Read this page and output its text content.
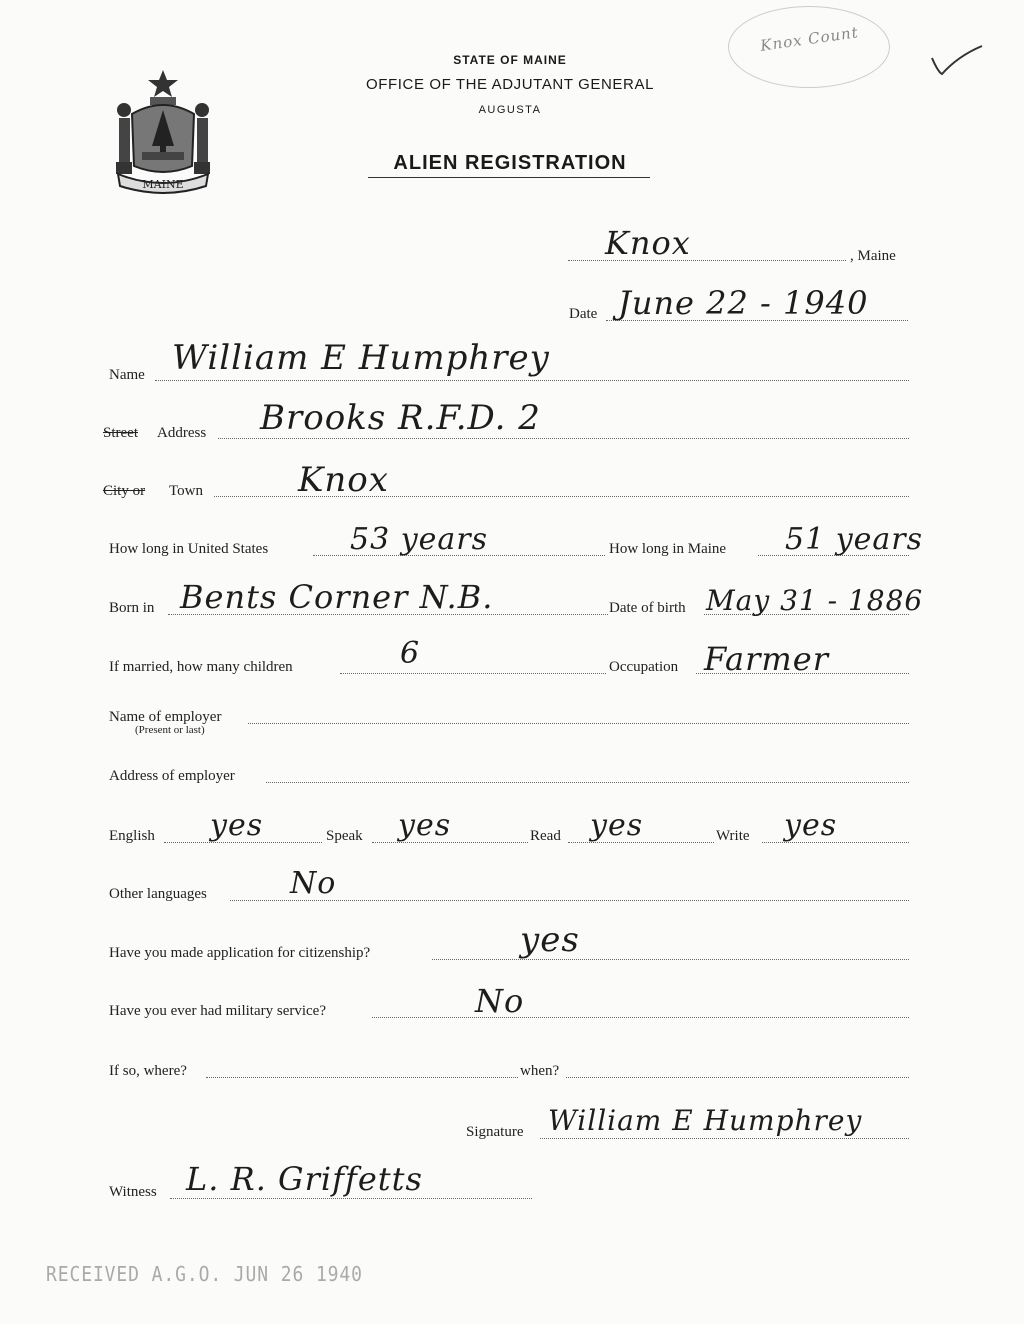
STATE OF MAINE
OFFICE OF THE ADJUTANT GENERAL
AUGUSTA
ALIEN REGISTRATION
MAINE
Knox Count
Knox	, Maine
Date June 22 - 1940
Name William E Humphrey
Street Address Brooks R.F.D. 2
City or Town	Knox
How long in United States	53 years	How long in Maine 51 years
Born in Bents Corner N.B.	Date of birth May 31 - 1886
If married, how many children	6	Occupation Farmer
Name of employer
(Present or last)
Address of employer
English yes	Speak yes	Read yes	Write yes
Other languages	No
Have you made application for citizenship?	yes
Have you ever had military service?	No
If so, where?	when?
Signature William E Humphrey
Witness L. R. Griffetts
RECEIVED A.G.O. JUN 26 1940
